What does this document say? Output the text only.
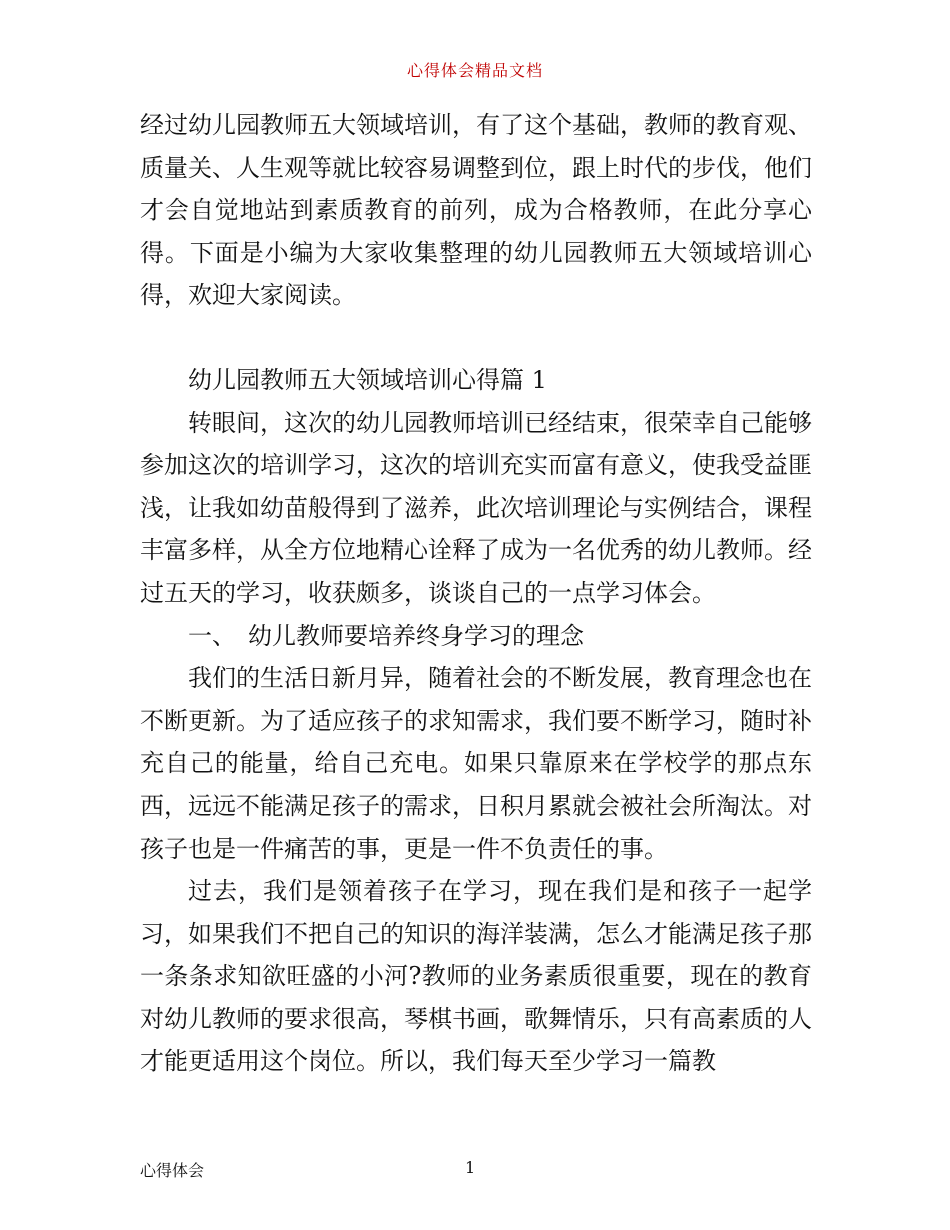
心得体会精品文档

经过幼儿园教师五大领域培训，有了这个基础，教师的教育观、质量关、人生观等就比较容易调整到位，跟上时代的步伐，他们才会自觉地站到素质教育的前列，成为合格教师，在此分享心得。下面是小编为大家收集整理的幼儿园教师五大领域培训心得，欢迎大家阅读。

幼儿园教师五大领域培训心得篇 1

转眼间，这次的幼儿园教师培训已经结束，很荣幸自己能够参加这次的培训学习，这次的培训充实而富有意义，使我受益匪浅，让我如幼苗般得到了滋养，此次培训理论与实例结合，课程丰富多样，从全方位地精心诠释了成为一名优秀的幼儿教师。经过五天的学习，收获颇多，谈谈自己的一点学习体会。

一、　幼儿教师要培养终身学习的理念

我们的生活日新月异，随着社会的不断发展，教育理念也在不断更新。为了适应孩子的求知需求，我们要不断学习，随时补充自己的能量，给自己充电。如果只靠原来在学校学的那点东西，远远不能满足孩子的需求，日积月累就会被社会所淘汰。对孩子也是一件痛苦的事，更是一件不负责任的事。

过去，我们是领着孩子在学习，现在我们是和孩子一起学习，如果我们不把自己的知识的海洋装满，怎么才能满足孩子那一条条求知欲旺盛的小河?教师的业务素质很重要，现在的教育对幼儿教师的要求很高，琴棋书画，歌舞情乐，只有高素质的人才能更适用这个岗位。所以，我们每天至少学习一篇教

心得体会	1
